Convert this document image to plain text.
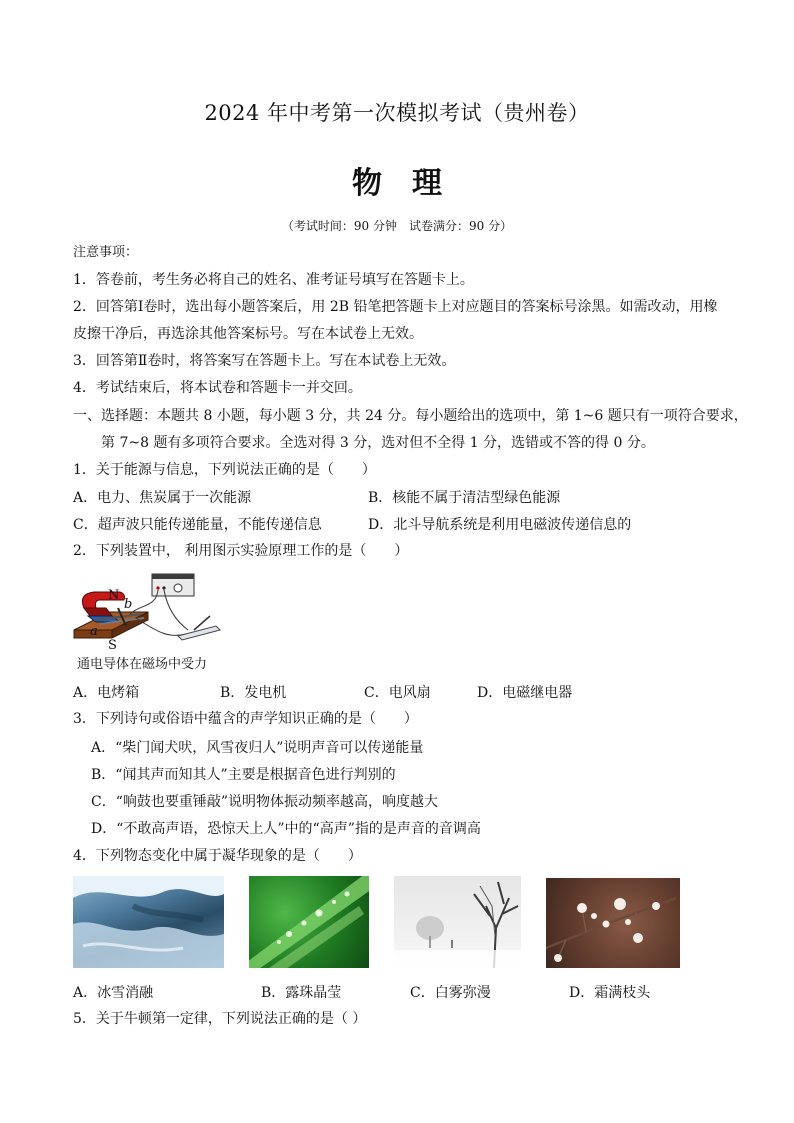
2024 年中考第一次模拟考试（贵州卷）
物理
（考试时间：90 分钟　试卷满分：90 分）
注意事项：
1．答卷前，考生务必将自己的姓名、准考证号填写在答题卡上。
2．回答第Ⅰ卷时，选出每小题答案后，用 2B 铅笔把答题卡上对应题目的答案标号涂黑。如需改动，用橡
皮擦干净后，再选涂其他答案标号。写在本试卷上无效。
3．回答第Ⅱ卷时，将答案写在答题卡上。写在本试卷上无效。
4．考试结束后，将本试卷和答题卡一并交回。
一、选择题：本题共 8 小题，每小题 3 分，共 24 分。每小题给出的选项中，第 1~6 题只有一项符合要求，
第 7~8 题有多项符合要求。全选对得 3 分，选对但不全得 1 分，选错或不答的得 0 分。
1．关于能源与信息，下列说法正确的是（　　）
A．电力、焦炭属于一次能源	B．核能不属于清洁型绿色能源
C．超声波只能传递能量，不能传递信息	D．北斗导航系统是利用电磁波传递信息的
2．下列装置中， 利用图示实验原理工作的是（　　）
N
S
a
b
通电导体在磁场中受力
A．电烤箱	B．发电机	C．电风扇	D．电磁继电器
3．下列诗句或俗语中蕴含的声学知识正确的是（　　）
A．“柴门闻犬吠，风雪夜归人”说明声音可以传递能量
B．“闻其声而知其人”主要是根据音色进行判别的
C．“响鼓也要重锤敲”说明物体振动频率越高，响度越大
D．“不敢高声语，恐惊天上人”中的“高声”指的是声音的音调高
4．下列物态变化中属于凝华现象的是（　　）
A．冰雪消融	B．露珠晶莹	C．白雾弥漫	D．霜满枝头
5．关于牛顿第一定律，下列说法正确的是（ ）
